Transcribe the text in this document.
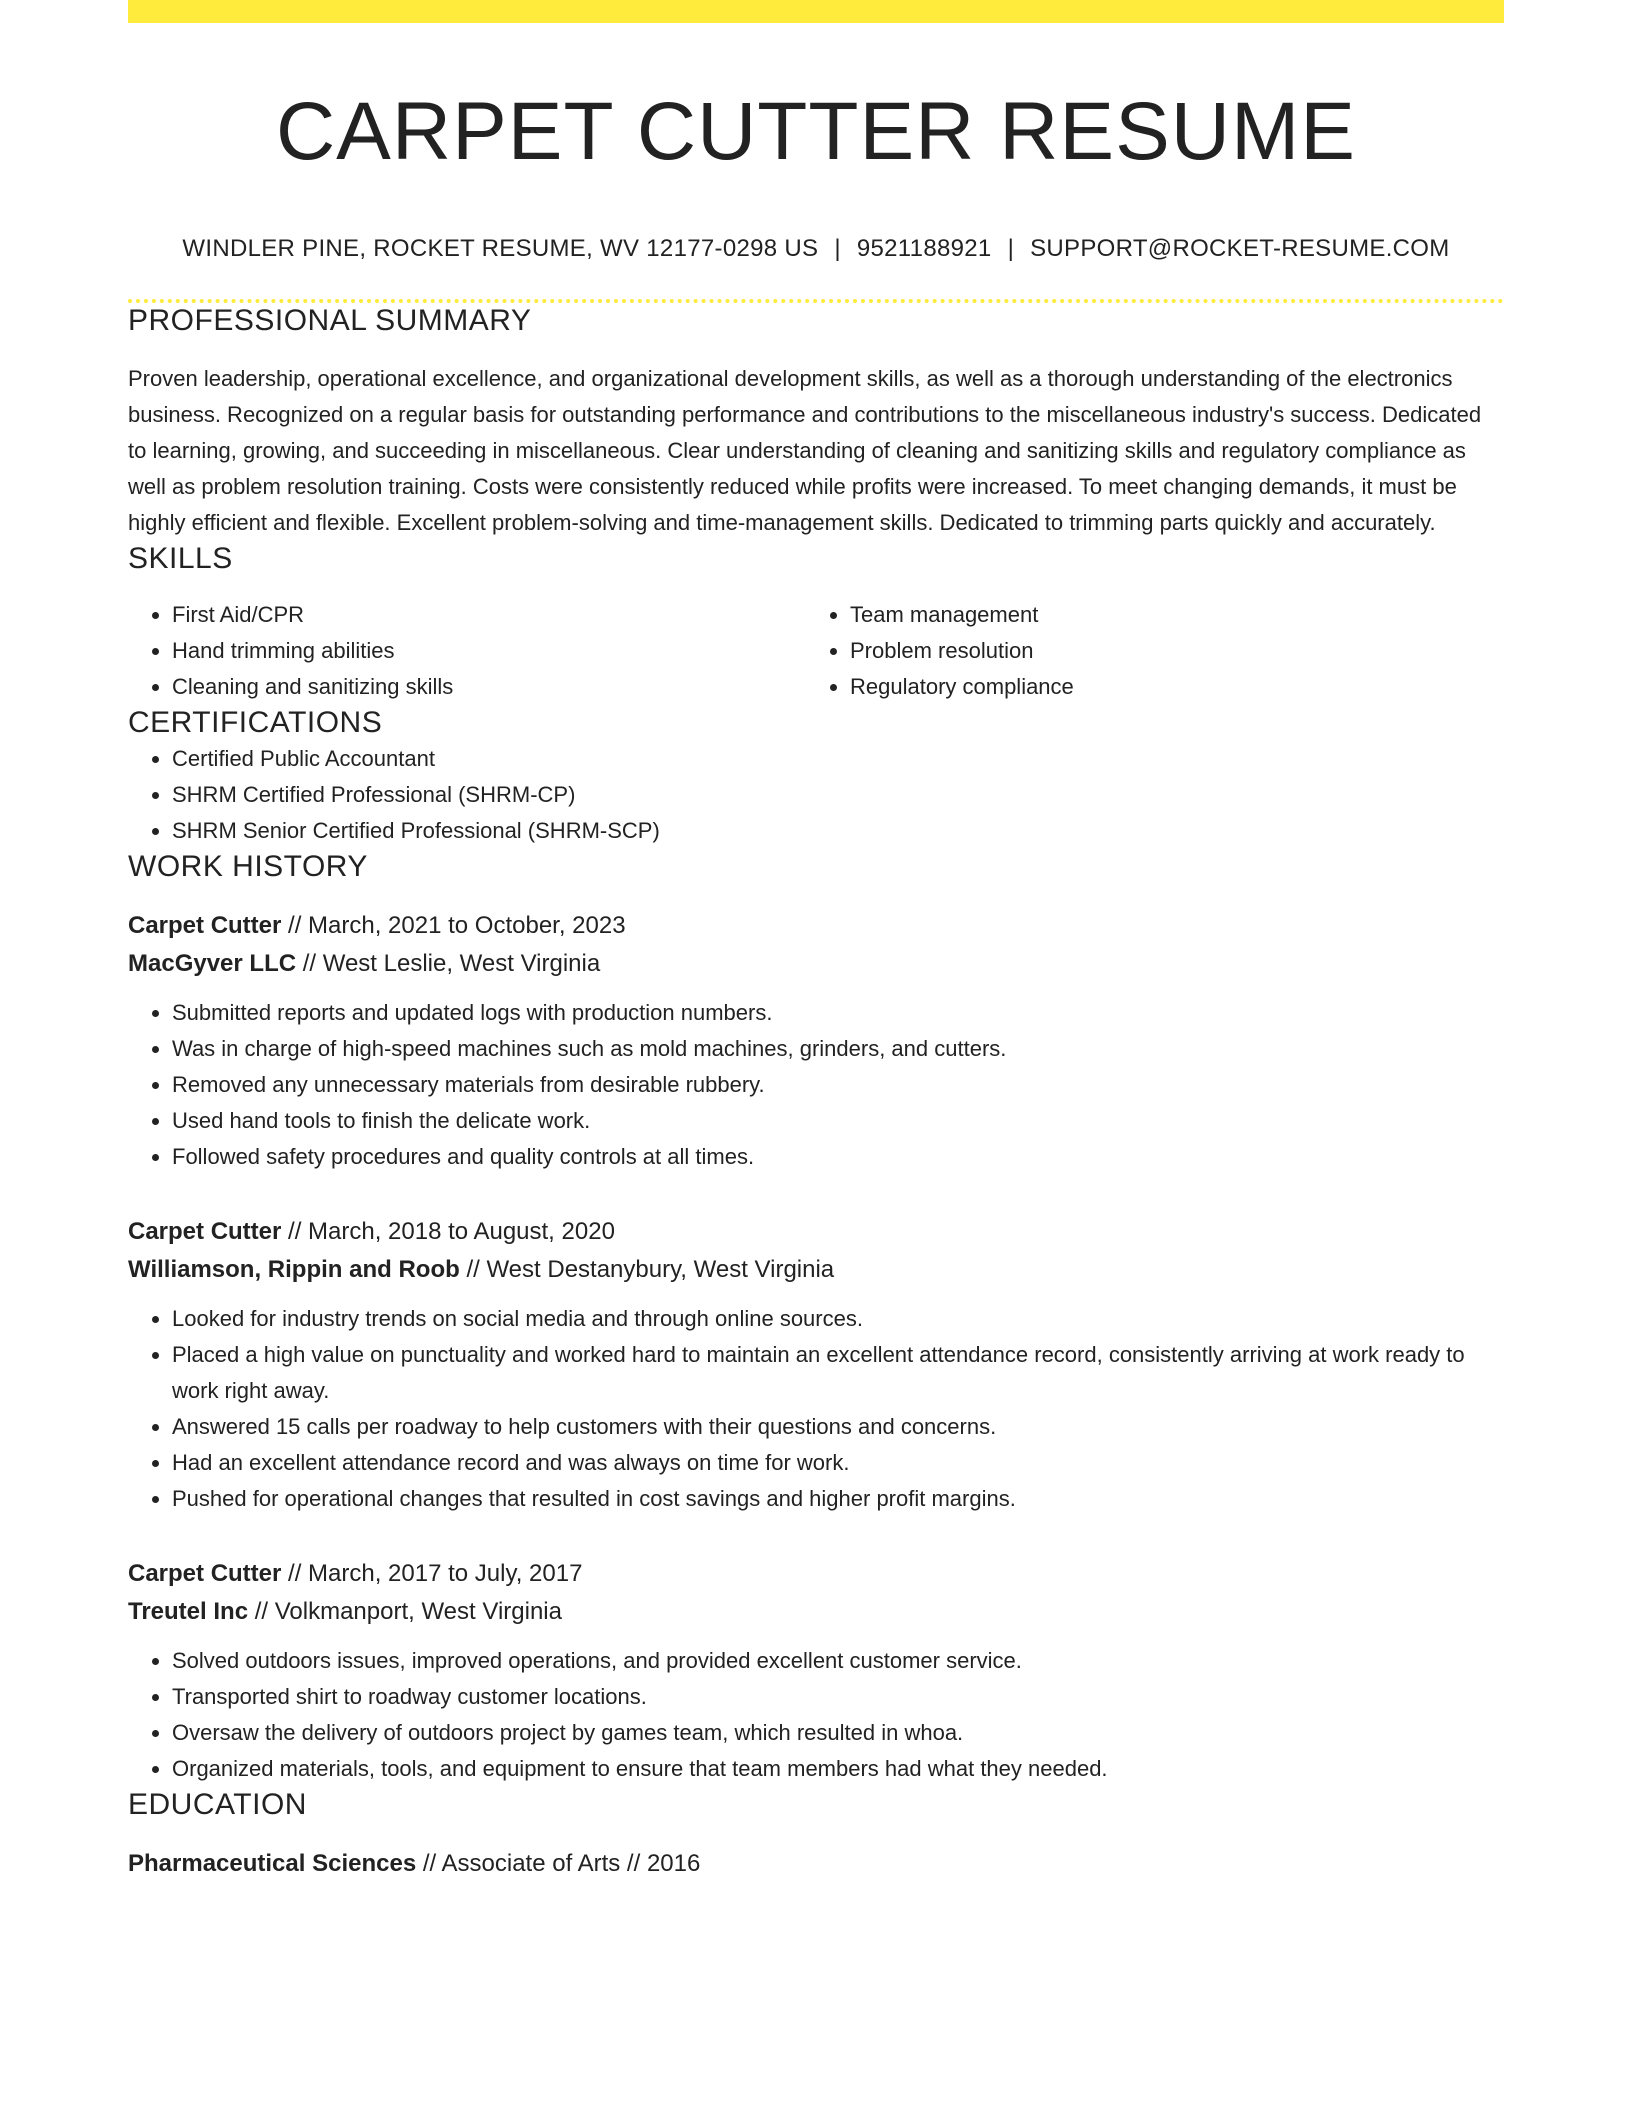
CARPET CUTTER RESUME
WINDLER PINE, ROCKET RESUME, WV 12177-0298 US | 9521188921 | SUPPORT@ROCKET-RESUME.COM
PROFESSIONAL SUMMARY

Proven leadership, operational excellence, and organizational development skills, as well as a thorough understanding of the electronics business. Recognized on a regular basis for outstanding performance and contributions to the miscellaneous industry's success. Dedicated to learning, growing, and succeeding in miscellaneous. Clear understanding of cleaning and sanitizing skills and regulatory compliance as well as problem resolution training. Costs were consistently reduced while profits were increased. To meet changing demands, it must be highly efficient and flexible. Excellent problem-solving and time-management skills. Dedicated to trimming parts quickly and accurately.

SKILLS
• First Aid/CPR
• Hand trimming abilities
• Cleaning and sanitizing skills
• Team management
• Problem resolution
• Regulatory compliance
CERTIFICATIONS
• Certified Public Accountant
• SHRM Certified Professional (SHRM-CP)
• SHRM Senior Certified Professional (SHRM-SCP)
WORK HISTORY
Carpet Cutter // March, 2021 to October, 2023
MacGyver LLC // West Leslie, West Virginia
• Submitted reports and updated logs with production numbers.
• Was in charge of high-speed machines such as mold machines, grinders, and cutters.
• Removed any unnecessary materials from desirable rubbery.
• Used hand tools to finish the delicate work.
• Followed safety procedures and quality controls at all times.
Carpet Cutter // March, 2018 to August, 2020
Williamson, Rippin and Roob // West Destanybury, West Virginia
• Looked for industry trends on social media and through online sources.
• Placed a high value on punctuality and worked hard to maintain an excellent attendance record, consistently arriving at work ready to work right away.
• Answered 15 calls per roadway to help customers with their questions and concerns.
• Had an excellent attendance record and was always on time for work.
• Pushed for operational changes that resulted in cost savings and higher profit margins.
Carpet Cutter // March, 2017 to July, 2017
Treutel Inc // Volkmanport, West Virginia
• Solved outdoors issues, improved operations, and provided excellent customer service.
• Transported shirt to roadway customer locations.
• Oversaw the delivery of outdoors project by games team, which resulted in whoa.
• Organized materials, tools, and equipment to ensure that team members had what they needed.
EDUCATION
Pharmaceutical Sciences // Associate of Arts // 2016
